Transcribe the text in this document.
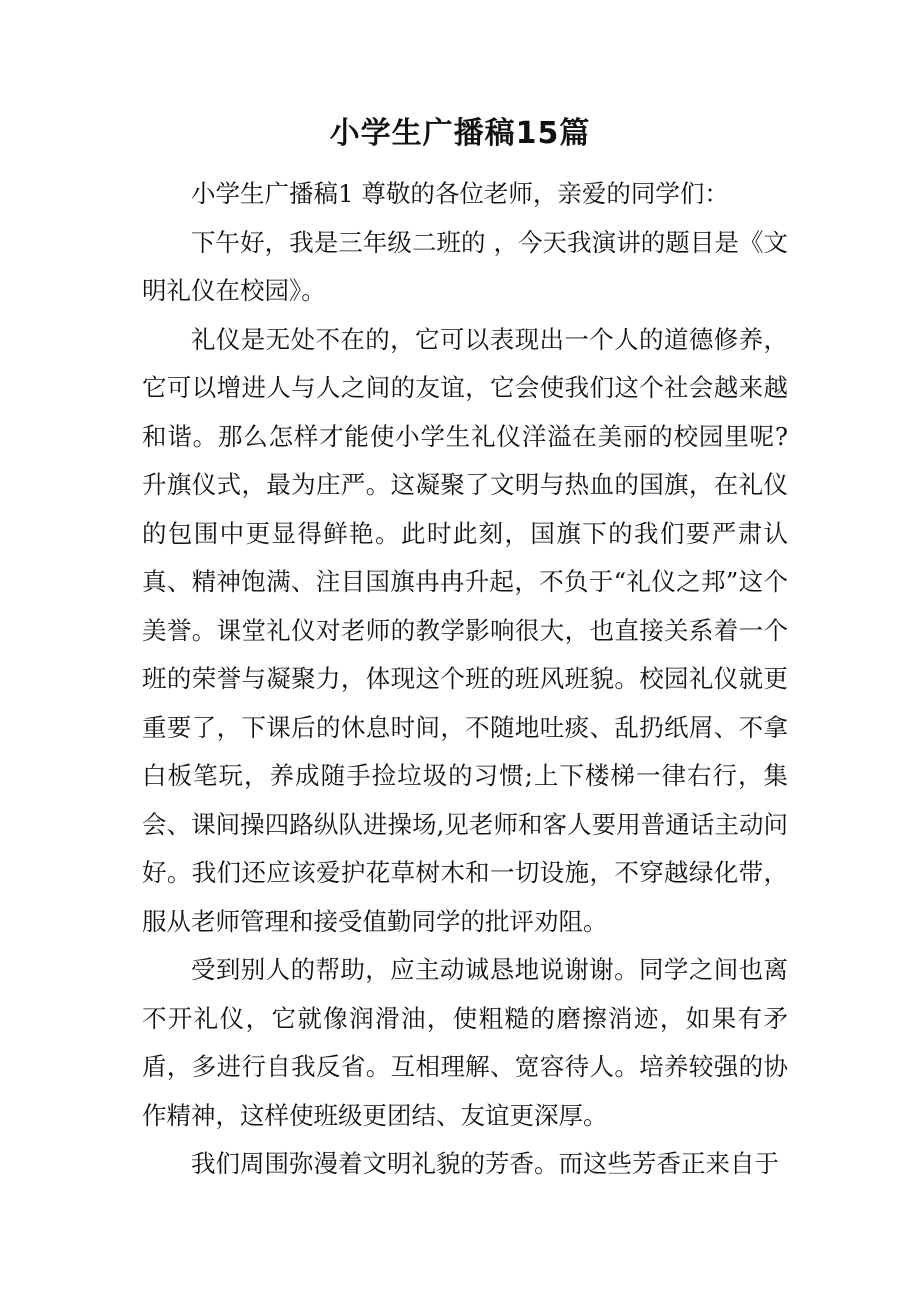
小学生广播稿15篇

小学生广播稿1 尊敬的各位老师，亲爱的同学们：

下午好，我是三年级二班的 ，今天我演讲的题目是《文明礼仪在校园》。

礼仪是无处不在的，它可以表现出一个人的道德修养，它可以增进人与人之间的友谊，它会使我们这个社会越来越和谐。那么怎样才能使小学生礼仪洋溢在美丽的校园里呢?升旗仪式，最为庄严。这凝聚了文明与热血的国旗，在礼仪的包围中更显得鲜艳。此时此刻，国旗下的我们要严肃认真、精神饱满、注目国旗冉冉升起，不负于“礼仪之邦”这个美誉。课堂礼仪对老师的教学影响很大，也直接关系着一个班的荣誉与凝聚力，体现这个班的班风班貌。校园礼仪就更重要了，下课后的休息时间，不随地吐痰、乱扔纸屑、不拿白板笔玩，养成随手捡垃圾的习惯;上下楼梯一律右行，集会、课间操四路纵队进操场,见老师和客人要用普通话主动问好。我们还应该爱护花草树木和一切设施，不穿越绿化带，服从老师管理和接受值勤同学的批评劝阻。

受到别人的帮助，应主动诚恳地说谢谢。同学之间也离不开礼仪，它就像润滑油，使粗糙的磨擦消迹，如果有矛盾，多进行自我反省。互相理解、宽容待人。培养较强的协作精神，这样使班级更团结、友谊更深厚。

我们周围弥漫着文明礼貌的芳香。而这些芳香正来自于
